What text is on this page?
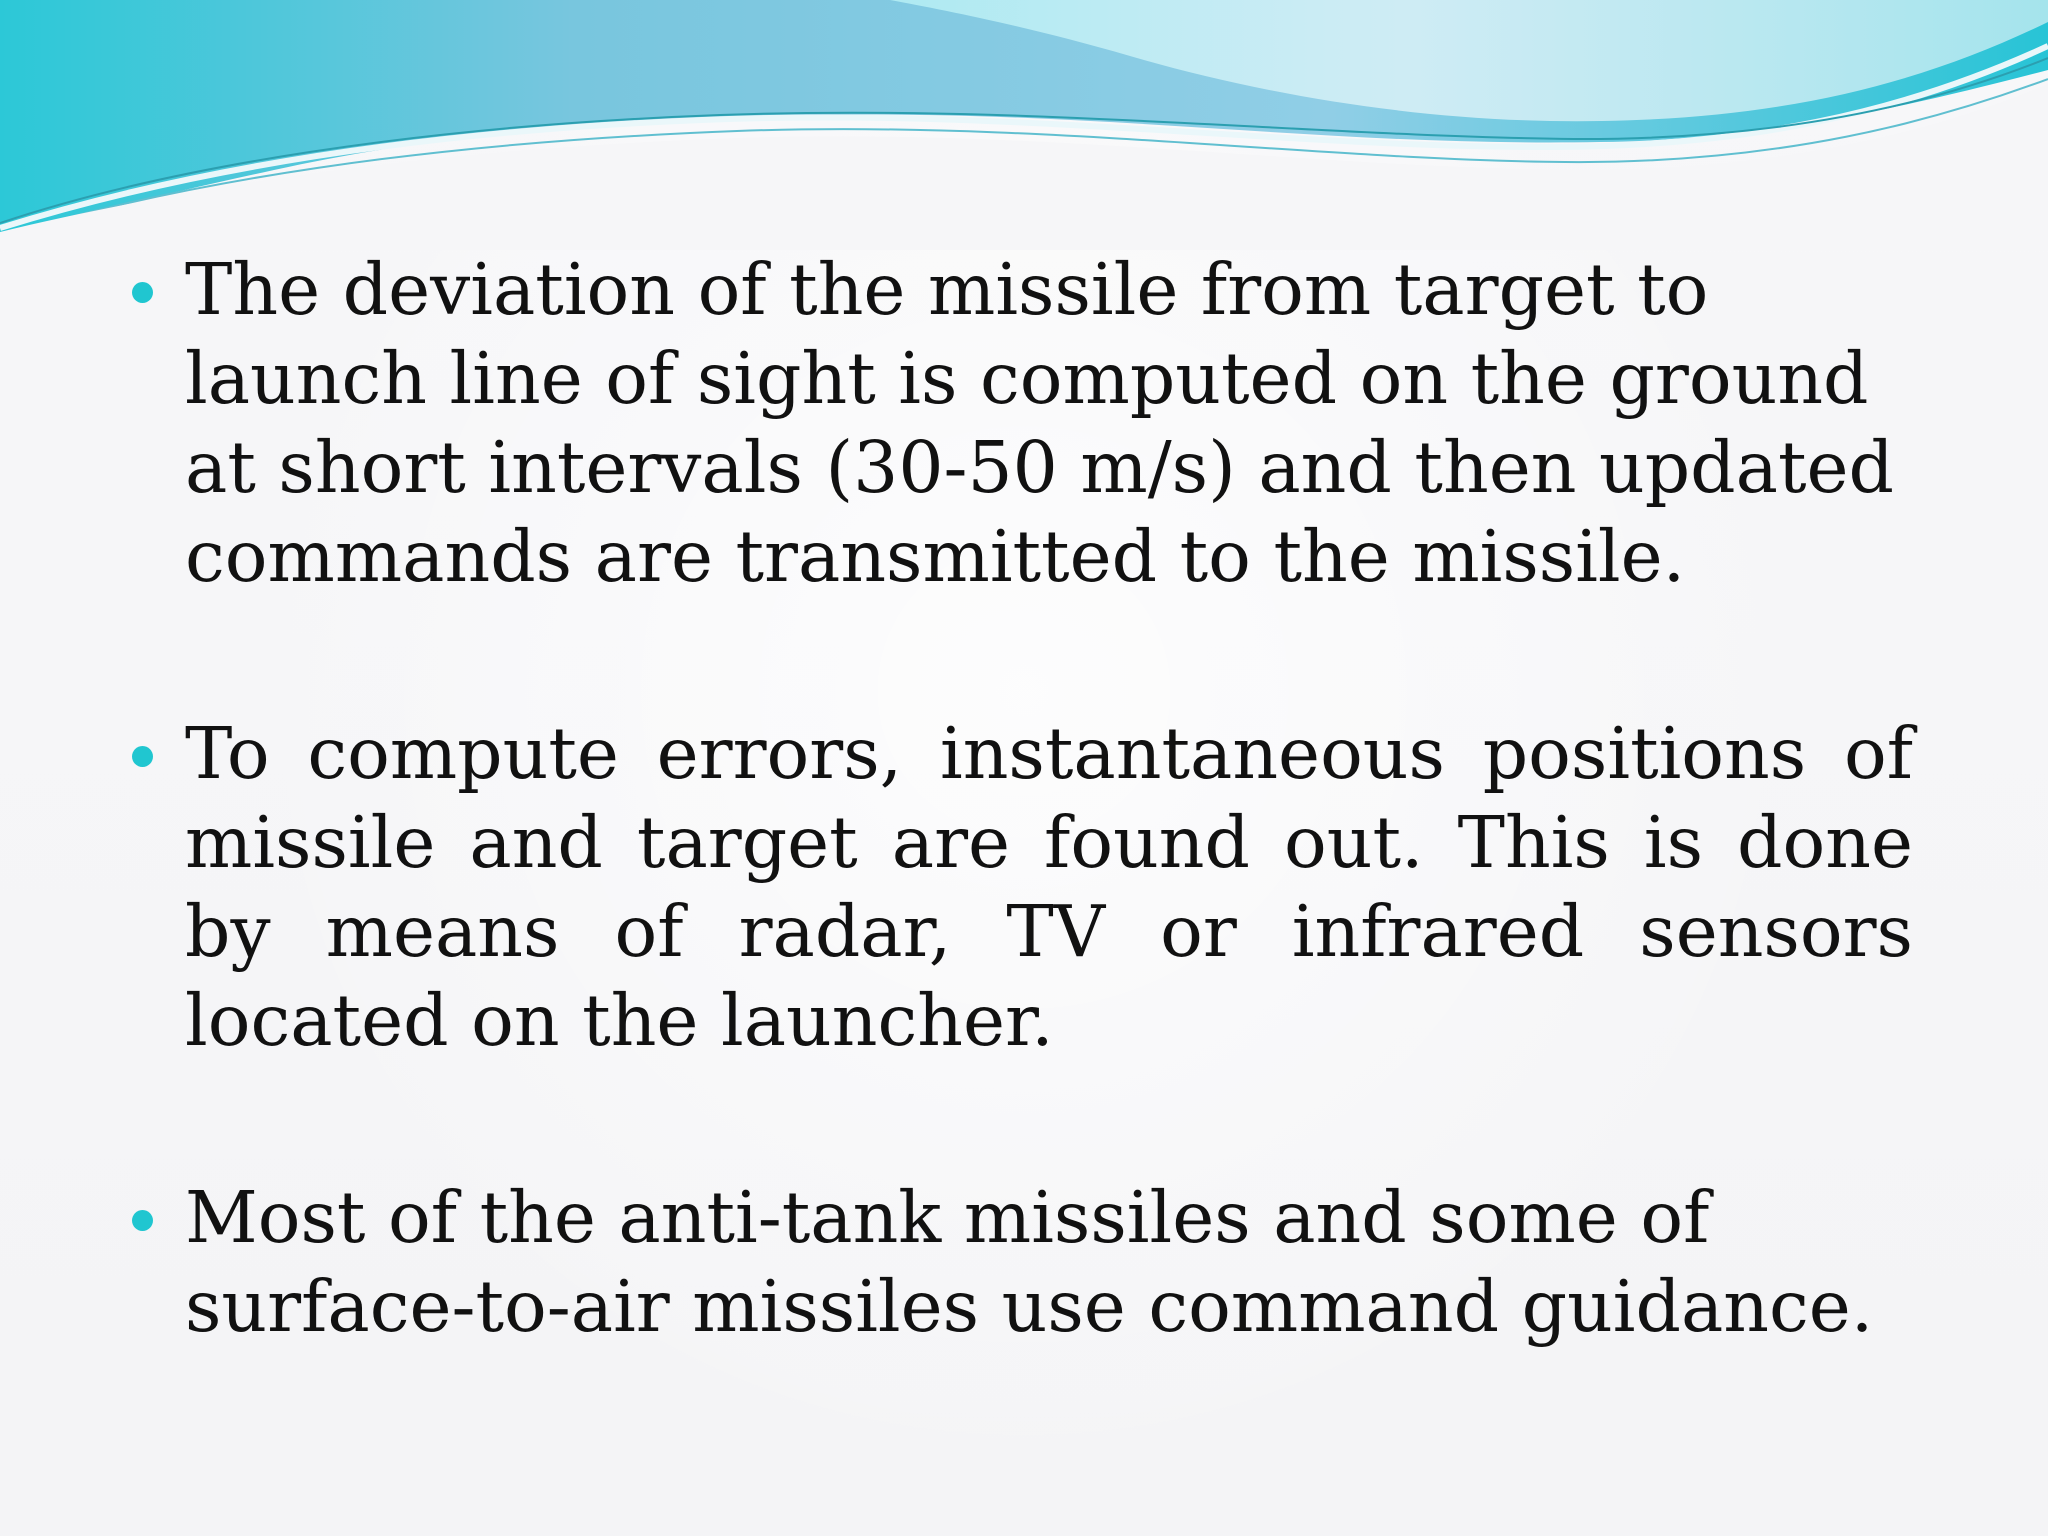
The deviation of the missile from target to launch line of sight is computed on the ground at short intervals (30-50 m/s) and then updated commands are transmitted to the missile.
To compute errors, instantaneous positions of missile and target are found out. This is done by means of radar, TV or infrared sensors located on the launcher.
Most of the anti-tank missiles and some of surface-to-air missiles use command guidance.
